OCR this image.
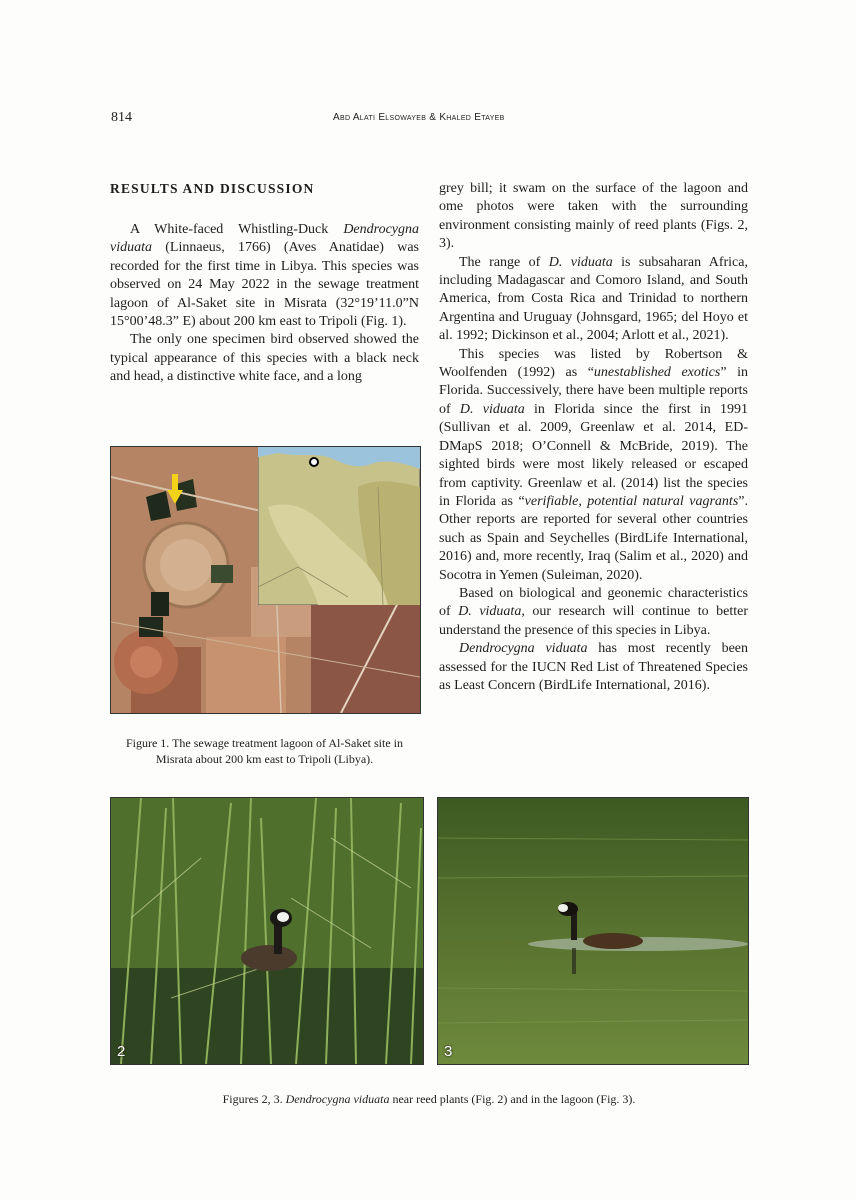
814	Abd Alati Elsowayeb & Khaled Etayeb
RESULTS AND DISCUSSION

A White-faced Whistling-Duck Dendrocygna viduata (Linnaeus, 1766) (Aves Anatidae) was recorded for the first time in Libya. This species was observed on 24 May 2022 in the sewage treatment lagoon of Al-Saket site in Misrata (32°19’11.0”N 15°00’48.3” E) about 200 km east to Tripoli (Fig. 1).

The only one specimen bird observed showed the typical appearance of this species with a black neck and head, a distinctive white face, and a long

grey bill; it swam on the surface of the lagoon and ome photos were taken with the surrounding environment consisting mainly of reed plants (Figs. 2, 3).

The range of D. viduata is subsaharan Africa, including Madagascar and Comoro Island, and South America, from Costa Rica and Trinidad to northern Argentina and Uruguay (Johnsgard, 1965; del Hoyo et al. 1992; Dickinson et al., 2004; Arlott et al., 2021).

This species was listed by Robertson & Woolfenden (1992) as “unestablished exotics” in Florida. Successively, there have been multiple reports of D. viduata in Florida since the first in 1991 (Sullivan et al. 2009, Greenlaw et al. 2014, ED-DMapS 2018; O’Connell & McBride, 2019). The sighted birds were most likely released or escaped from captivity. Greenlaw et al. (2014) list the species in Florida as “verifiable, potential natural vagrants”. Other reports are reported for several other countries such as Spain and Seychelles (BirdLife International, 2016) and, more recently, Iraq (Salim et al., 2020) and Socotra in Yemen (Suleiman, 2020).

Based on biological and geonemic characteristics of D. viduata, our research will continue to better understand the presence of this species in Libya.

Dendrocygna viduata has most recently been assessed for the IUCN Red List of Threatened Species as Least Concern (BirdLife International, 2016).

Figure 1. The sewage treatment lagoon of Al-Saket site in Misrata about 200 km east to Tripoli (Libya).
2	3
Figures 2, 3. Dendrocygna viduata near reed plants (Fig. 2) and in the lagoon (Fig. 3).
